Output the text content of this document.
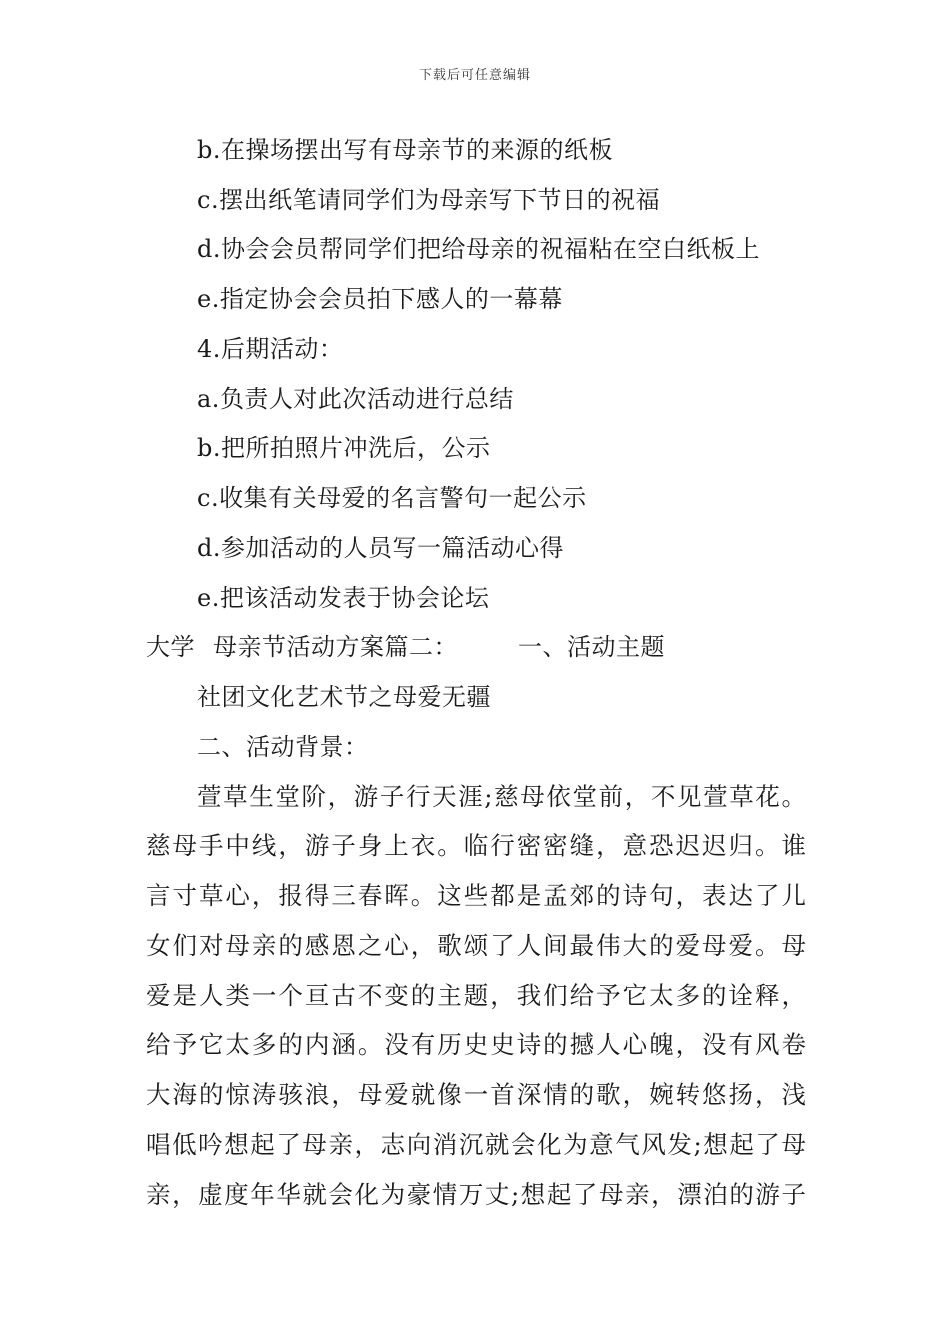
下载后可任意编辑
b.在操场摆出写有母亲节的来源的纸板
c.摆出纸笔请同学们为母亲写下节日的祝福
d.协会会员帮同学们把给母亲的祝福粘在空白纸板上
e.指定协会会员拍下感人的一幕幕
4.后期活动：
a.负责人对此次活动进行总结
b.把所拍照片冲洗后，公示
c.收集有关母爱的名言警句一起公示
d.参加活动的人员写一篇活动心得
e.把该活动发表于协会论坛
大学 母亲节活动方案篇二：	一、活动主题
社团文化艺术节之母爱无疆
二、活动背景：
萱草生堂阶，游子行天涯;慈母依堂前，不见萱草花。
慈母手中线，游子身上衣。临行密密缝，意恐迟迟归。谁
言寸草心，报得三春晖。这些都是孟郊的诗句，表达了儿
女们对母亲的感恩之心，歌颂了人间最伟大的爱母爱。母
爱是人类一个亘古不变的主题，我们给予它太多的诠释，
给予它太多的内涵。没有历史史诗的撼人心魄，没有风卷
大海的惊涛骇浪，母爱就像一首深情的歌，婉转悠扬，浅
唱低吟想起了母亲，志向消沉就会化为意气风发;想起了母
亲，虚度年华就会化为豪情万丈;想起了母亲，漂泊的游子
